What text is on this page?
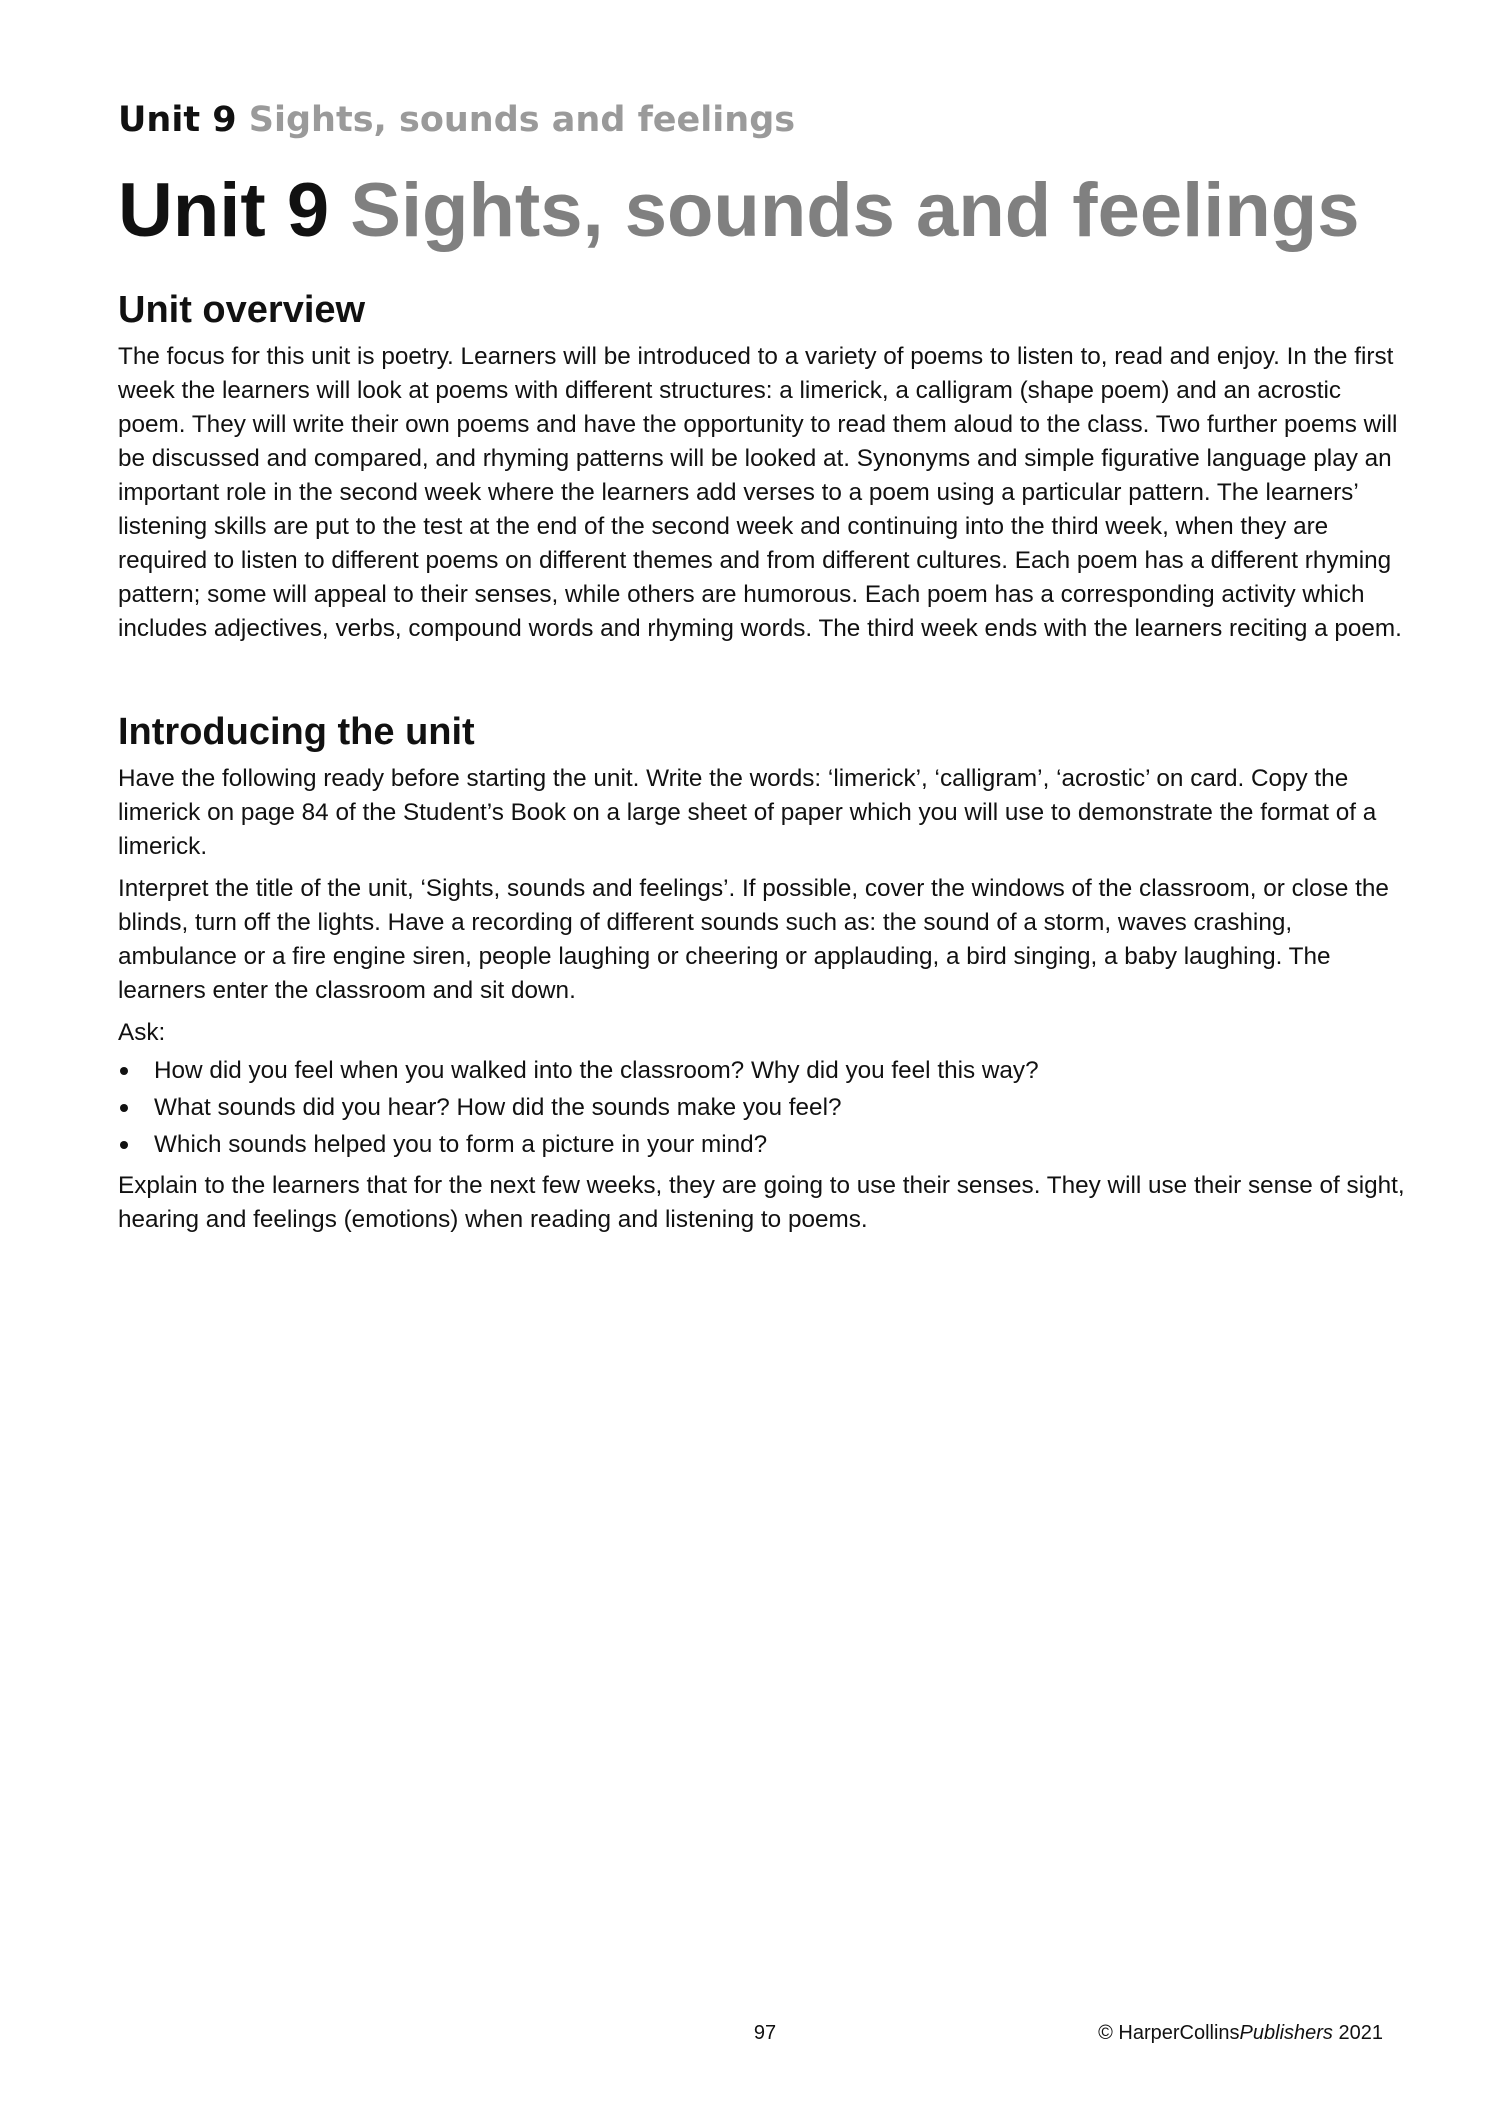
Unit 9 Sights, sounds and feelings

Unit 9 Sights, sounds and feelings
Unit overview

The focus for this unit is poetry. Learners will be introduced to a variety of poems to listen to, read and enjoy. In the first week the learners will look at poems with different structures: a limerick, a calligram (shape poem) and an acrostic poem. They will write their own poems and have the opportunity to read them aloud to the class. Two further poems will be discussed and compared, and rhyming patterns will be looked at. Synonyms and simple figurative language play an important role in the second week where the learners add verses to a poem using a particular pattern. The learners’ listening skills are put to the test at the end of the second week and continuing into the third week, when they are required to listen to different poems on different themes and from different cultures. Each poem has a different rhyming pattern; some will appeal to their senses, while others are humorous. Each poem has a corresponding activity which includes adjectives, verbs, compound words and rhyming words. The third week ends with the learners reciting a poem.

Introducing the unit

Have the following ready before starting the unit. Write the words: ‘limerick’, ‘calligram’, ‘acrostic’ on card. Copy the limerick on page 84 of the Student’s Book on a large sheet of paper which you will use to demonstrate the format of a limerick.

Interpret the title of the unit, ‘Sights, sounds and feelings’. If possible, cover the windows of the classroom, or close the blinds, turn off the lights. Have a recording of different sounds such as: the sound of a storm, waves crashing, ambulance or a fire engine siren, people laughing or cheering or applauding, a bird singing, a baby laughing. The learners enter the classroom and sit down.

Ask:

How did you feel when you walked into the classroom? Why did you feel this way?
What sounds did you hear? How did the sounds make you feel?
Which sounds helped you to form a picture in your mind?

Explain to the learners that for the next few weeks, they are going to use their senses. They will use their sense of sight, hearing and feelings (emotions) when reading and listening to poems.

97	© HarperCollinsPublishers 2021
